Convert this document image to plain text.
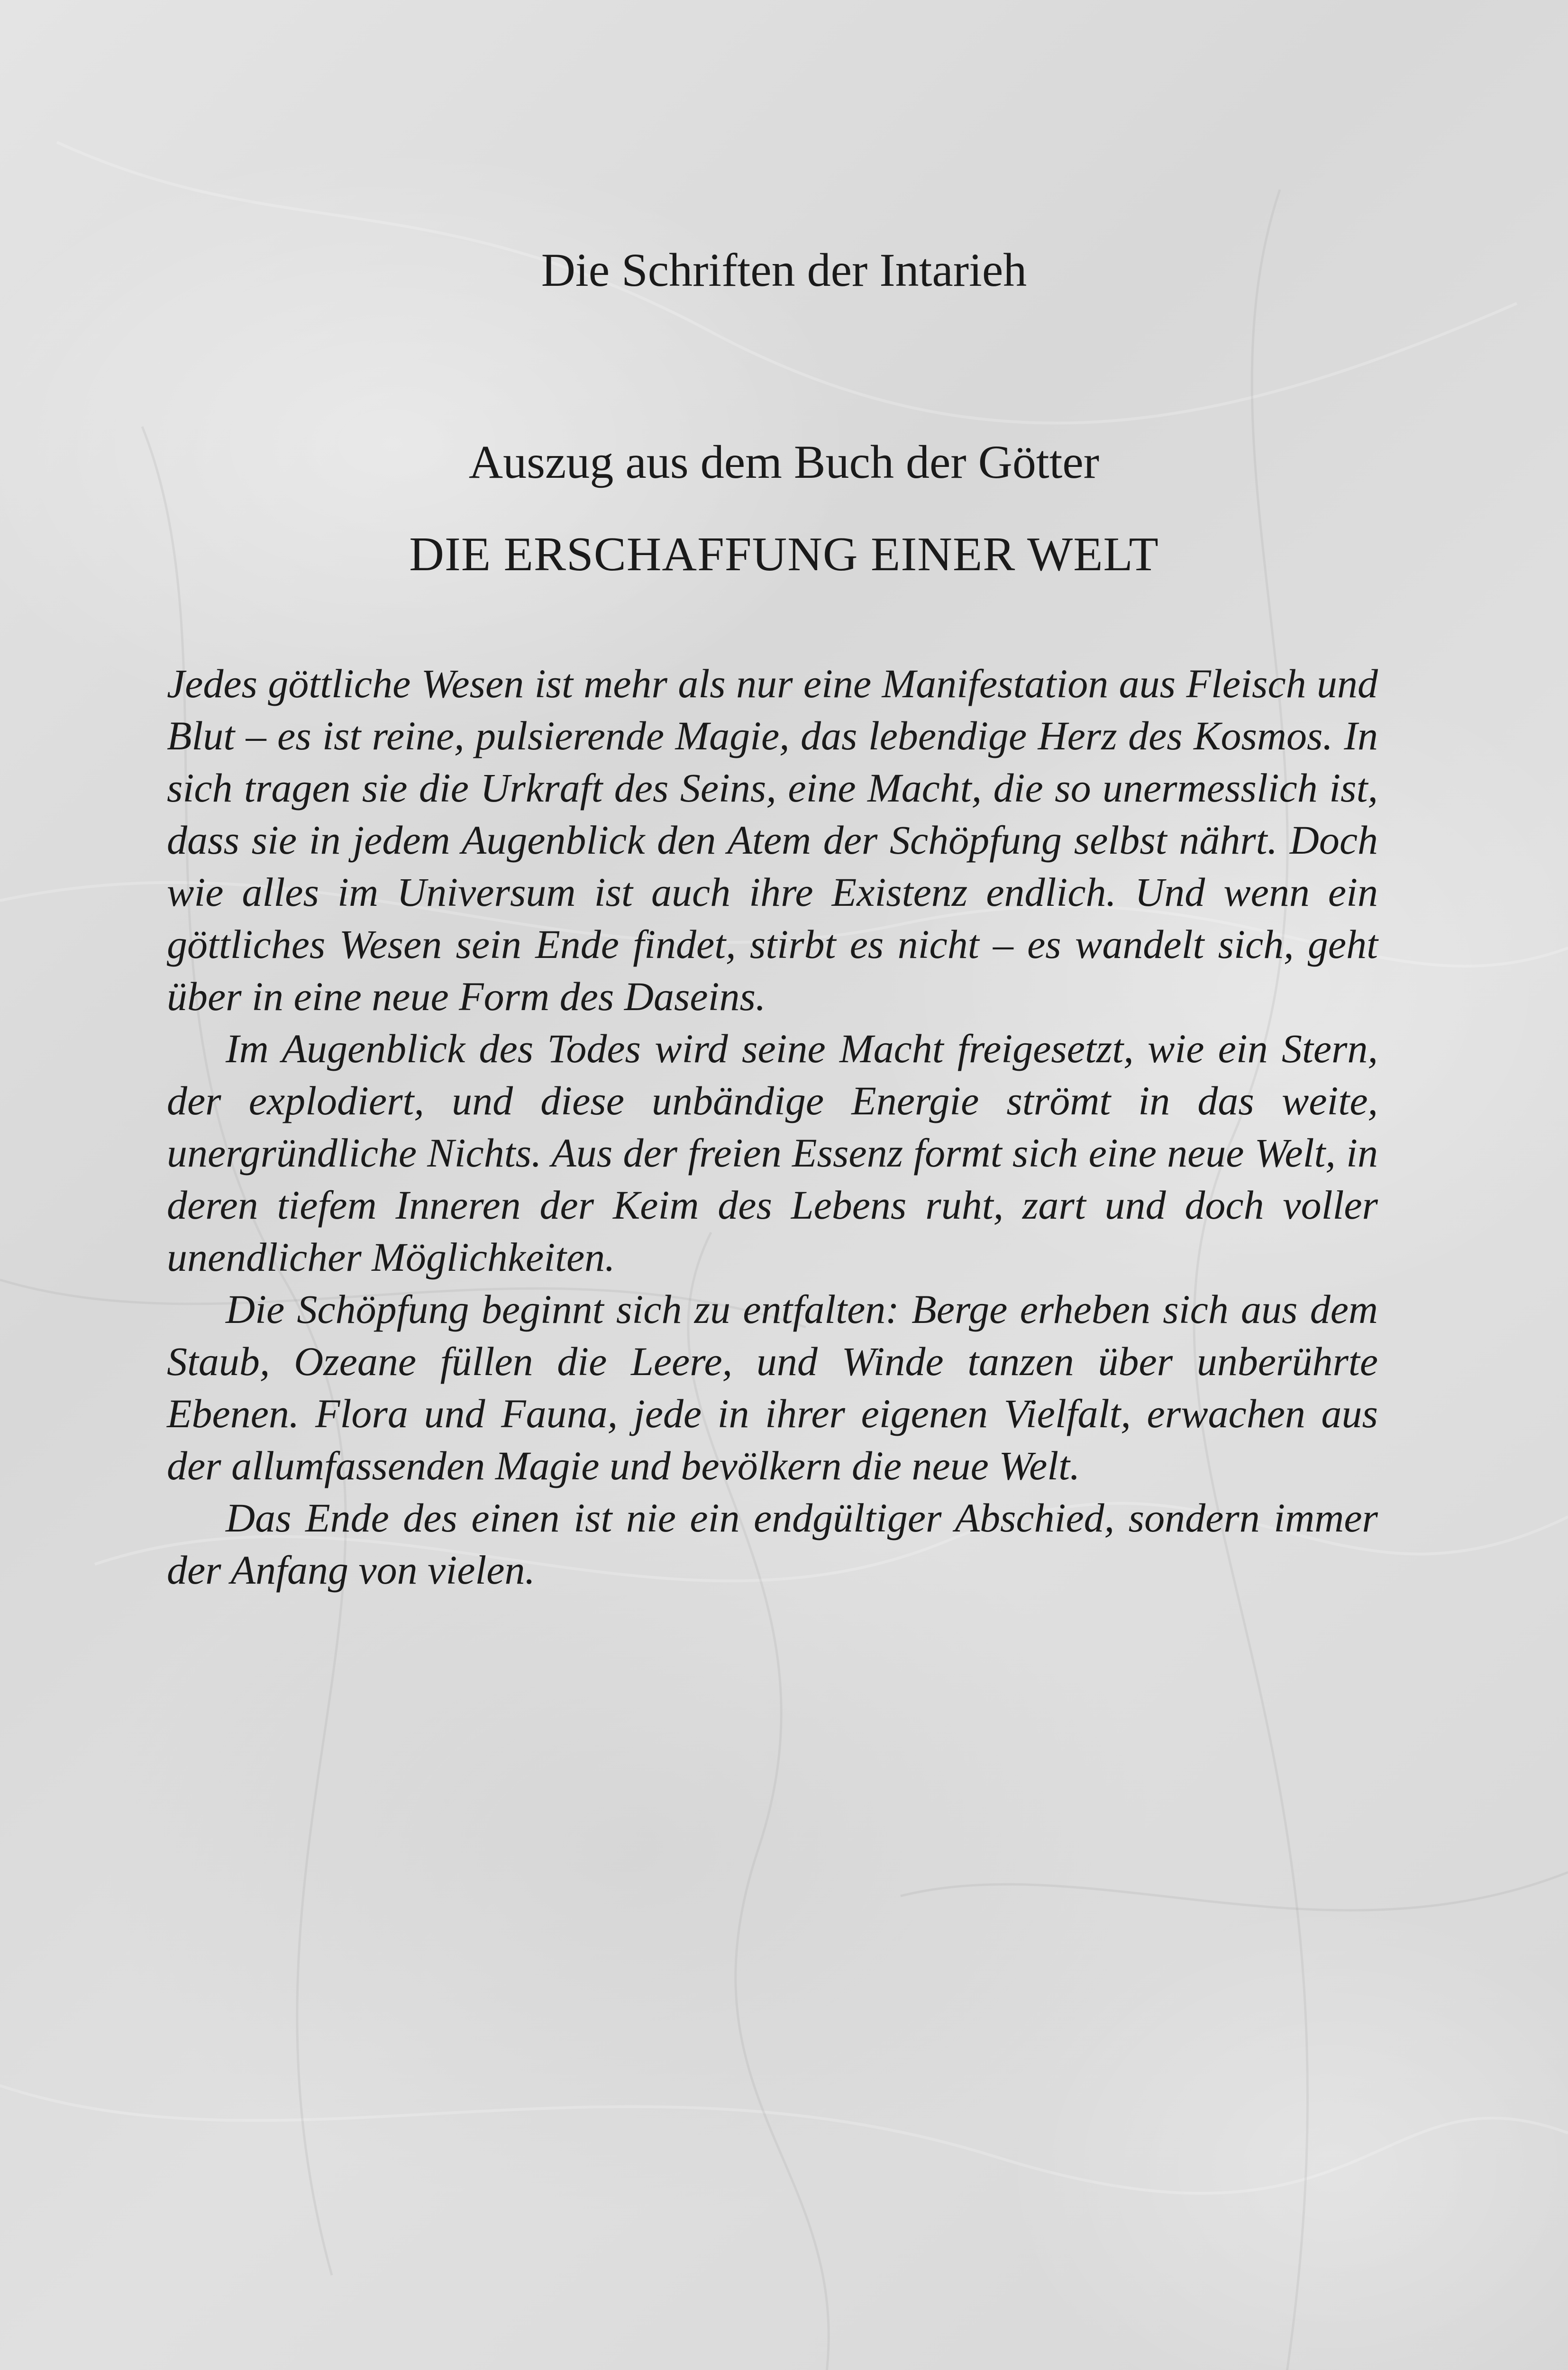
Die Schriften der Intarieh
Auszug aus dem Buch der Götter
DIE ERSCHAFFUNG EINER WELT

Jedes göttliche Wesen ist mehr als nur eine Manifestation aus Fleisch und Blut – es ist reine, pulsierende Magie, das lebendige Herz des Kosmos. In sich tragen sie die Urkraft des Seins, eine Macht, die so unermesslich ist, dass sie in jedem Augenblick den Atem der Schöpfung selbst nährt. Doch wie alles im Universum ist auch ihre Existenz endlich. Und wenn ein göttliches Wesen sein Ende findet, stirbt es nicht – es wandelt sich, geht über in eine neue Form des Daseins.

Im Augenblick des Todes wird seine Macht freigesetzt, wie ein Stern, der explodiert, und diese unbändige Energie strömt in das weite, unergründliche Nichts. Aus der freien Essenz formt sich eine neue Welt, in deren tiefem Inneren der Keim des Lebens ruht, zart und doch voller unendlicher Möglichkeiten.

Die Schöpfung beginnt sich zu entfalten: Berge erheben sich aus dem Staub, Ozeane füllen die Leere, und Winde tanzen über unberührte Ebenen. Flora und Fauna, jede in ihrer eigenen Vielfalt, erwachen aus der allumfassenden Magie und bevölkern die neue Welt.

Das Ende des einen ist nie ein endgültiger Abschied, sondern immer der Anfang von vielen.
